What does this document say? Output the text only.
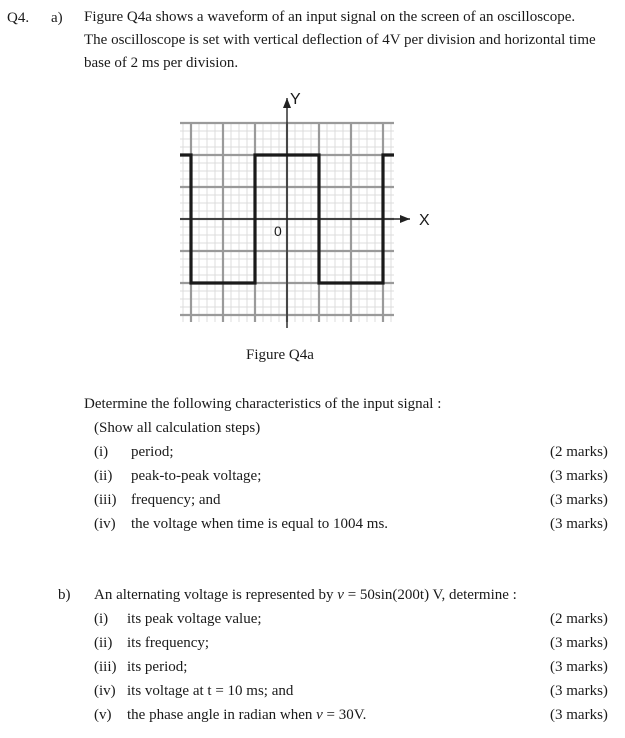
Q4. a) Figure Q4a shows a waveform of an input signal on the screen of an oscilloscope.
The oscilloscope is set with vertical deflection of 4V per division and horizontal time
base of 2 ms per division.
Y
X
0
Figure Q4a
Determine the following characteristics of the input signal :
(Show all calculation steps)
(i) period;	(2 marks)
(ii) peak-to-peak voltage;	(3 marks)
(iii) frequency; and	(3 marks)
(iv) the voltage when time is equal to 1004 ms.	(3 marks)
b) An alternating voltage is represented by v = 50sin(200t) V, determine :
(i) its peak voltage value;	(2 marks)
(ii) its frequency;	(3 marks)
(iii) its period;	(3 marks)
(iv) its voltage at t = 10 ms; and	(3 marks)
(v) the phase angle in radian when v = 30V.	(3 marks)
